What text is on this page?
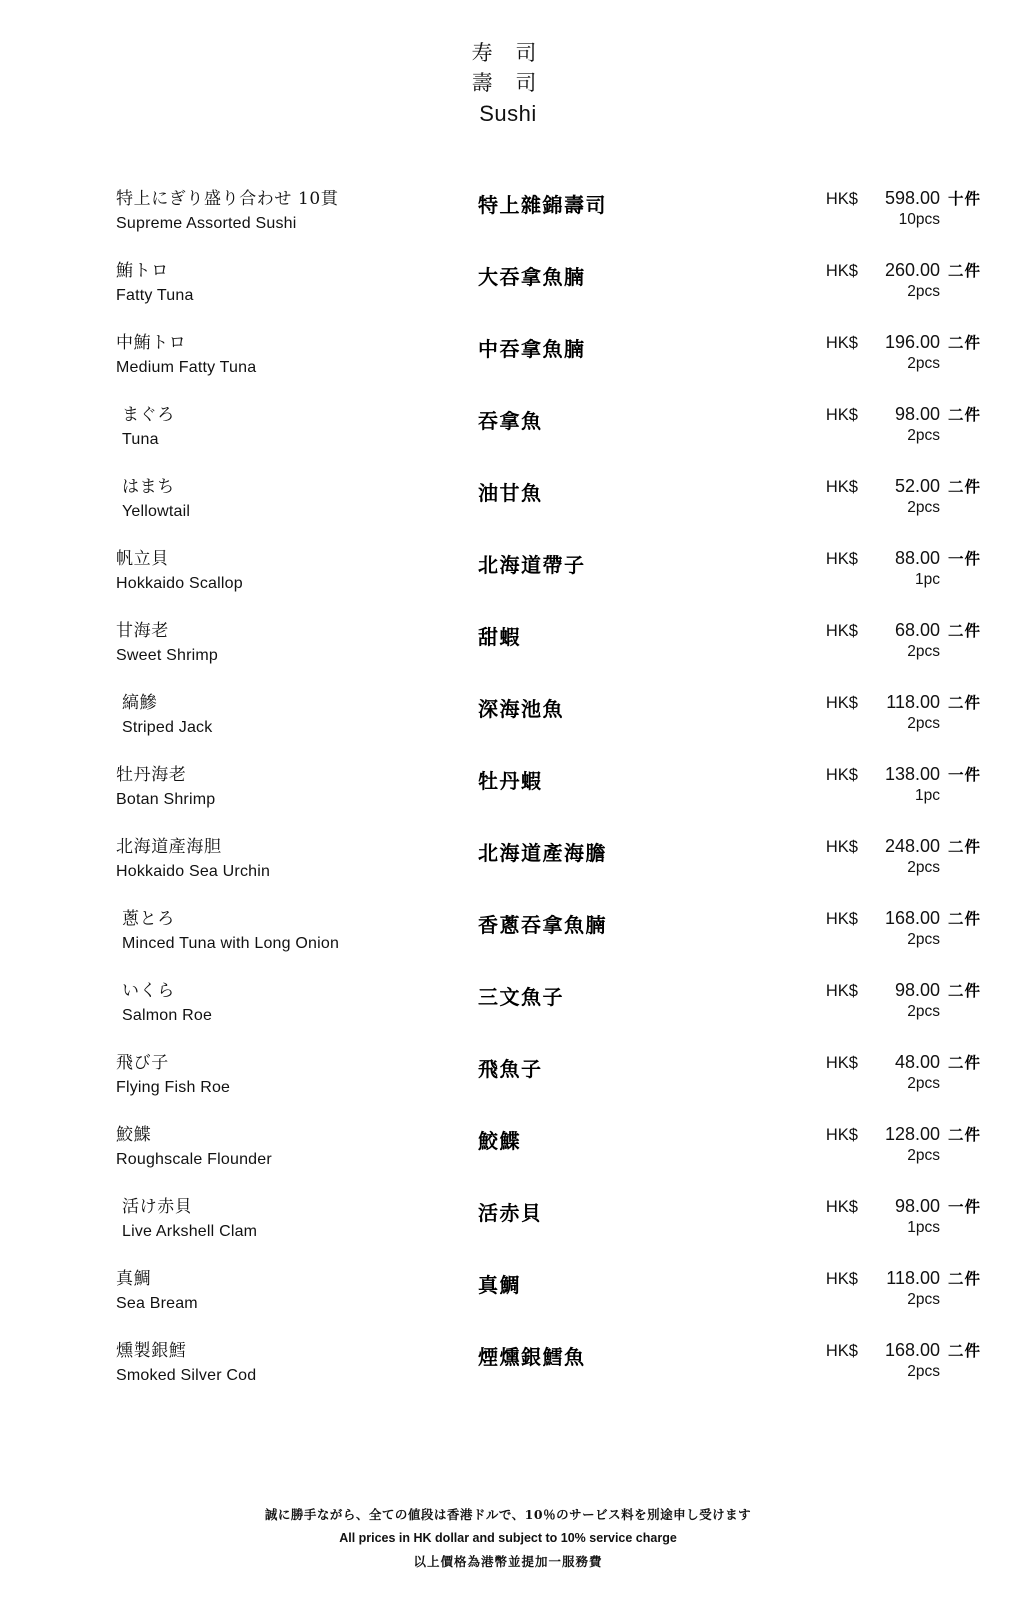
寿 司
壽 司
Sushi
特上にぎり盛り合わせ 10貫
Supreme Assorted Sushi
特上雜錦壽司	HK$	598.00 十件
10pcs
鮪トロ
Fatty Tuna
大吞拿魚腩	HK$	260.00 二件
2pcs
中鮪トロ
Medium Fatty Tuna
中吞拿魚腩	HK$	196.00 二件
2pcs
まぐろ
Tuna
吞拿魚	HK$	98.00 二件
2pcs
はまち
Yellowtail
油甘魚	HK$	52.00 二件
2pcs
帆立貝
Hokkaido Scallop
北海道帶子	HK$	88.00 一件
1pc
甘海老
Sweet Shrimp
甜蝦	HK$	68.00 二件
2pcs
縞鰺
Striped Jack
深海池魚	HK$	118.00 二件
2pcs
牡丹海老
Botan Shrimp
牡丹蝦	HK$	138.00 一件
1pc
北海道產海胆
Hokkaido Sea Urchin
北海道產海膽	HK$	248.00 二件
2pcs
蔥とろ
Minced Tuna with Long Onion
香蔥吞拿魚腩	HK$	168.00 二件
2pcs
いくら
Salmon Roe
三文魚子	HK$	98.00 二件
2pcs
飛び子
Flying Fish Roe
飛魚子	HK$	48.00 二件
2pcs
鮫鰈
Roughscale Flounder
鮫鰈	HK$	128.00 二件
2pcs
活け赤貝
Live Arkshell Clam
活赤貝	HK$	98.00 一件
1pcs
真鯛
Sea Bream
真鯛	HK$	118.00 二件
2pcs
燻製銀鱈
Smoked Silver Cod
煙燻銀鱈魚	HK$	168.00 二件
2pcs
誠に勝手ながら、全ての値段は香港ドルで、10％のサービス料を別途申し受けます
All prices in HK dollar and subject to 10% service charge
以上價格為港幣並提加一服務費
